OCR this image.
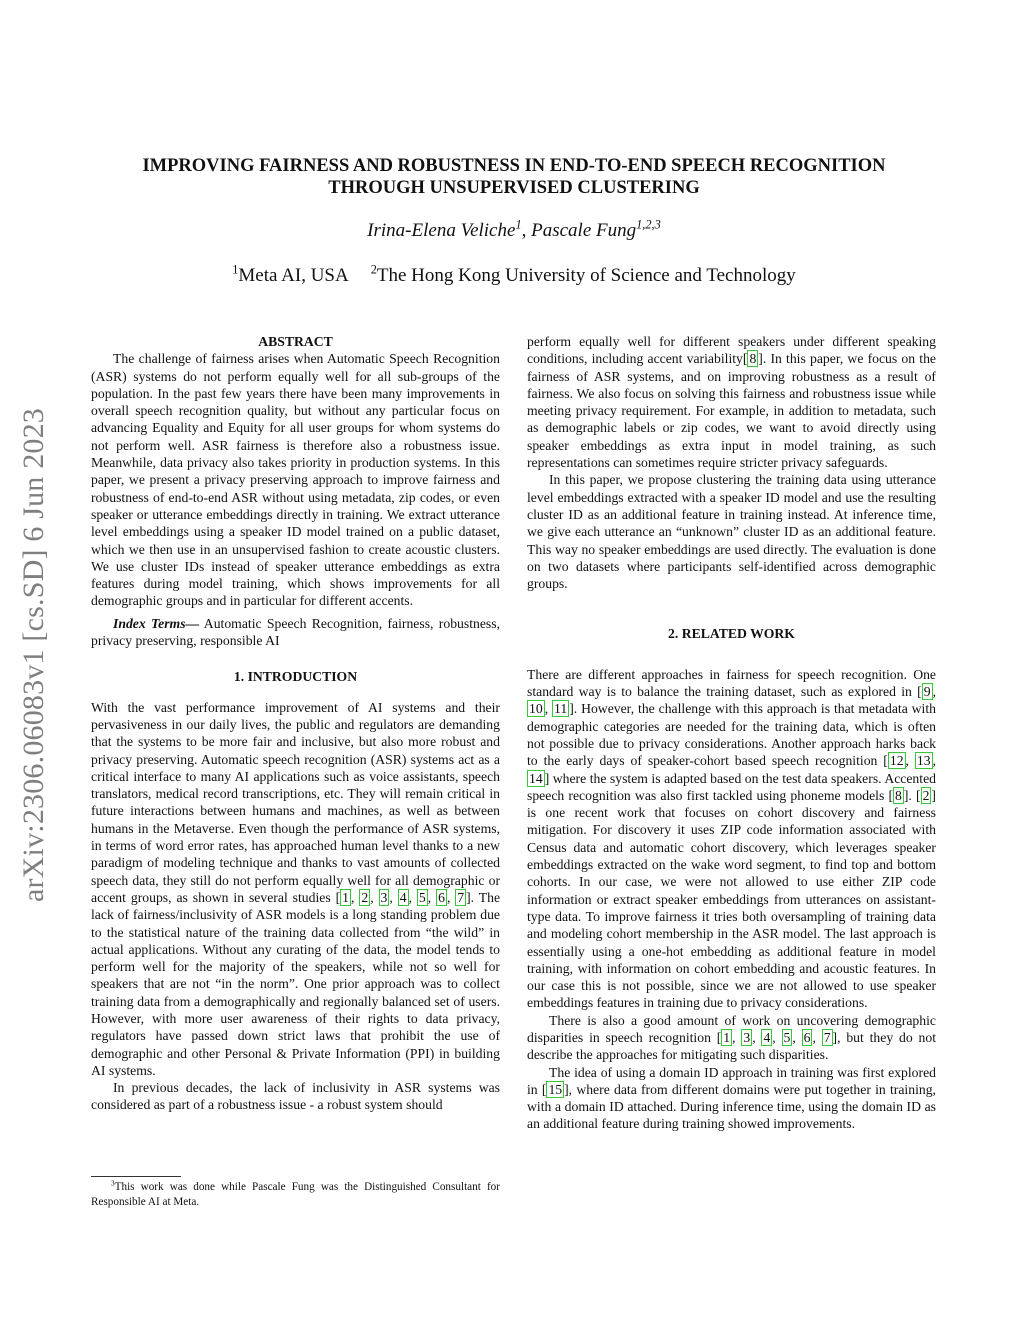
arXiv:2306.06083v1 [cs.SD] 6 Jun 2023
IMPROVING FAIRNESS AND ROBUSTNESS IN END-TO-END SPEECH RECOGNITION
THROUGH UNSUPERVISED CLUSTERING
Irina-Elena Veliche$^1$, Pascale Fung$^{1,2,3}$
$^1$Meta AI, USA $^2$The Hong Kong University of Science and Technology
ABSTRACT

The challenge of fairness arises when Automatic Speech Recognition (ASR) systems do not perform equally well for all sub-groups of the population. In the past few years there have been many improvements in overall speech recognition quality, but without any particular focus on advancing Equality and Equity for all user groups for whom systems do not perform well. ASR fairness is therefore also a robustness issue. Meanwhile, data privacy also takes priority in production systems. In this paper, we present a privacy preserving approach to improve fairness and robustness of end-to-end ASR without using metadata, zip codes, or even speaker or utterance embeddings directly in training. We extract utterance level embeddings using a speaker ID model trained on a public dataset, which we then use in an unsupervised fashion to create acoustic clusters. We use cluster IDs instead of speaker utterance embeddings as extra features during model training, which shows improvements for all demographic groups and in particular for different accents.

Index Terms— Automatic Speech Recognition, fairness, robustness, privacy preserving, responsible AI

1. INTRODUCTION

With the vast performance improvement of AI systems and their pervasiveness in our daily lives, the public and regulators are demanding that the systems to be more fair and inclusive, but also more robust and privacy preserving. Automatic speech recognition (ASR) systems act as a critical interface to many AI applications such as voice assistants, speech translators, medical record transcriptions, etc. They will remain critical in future interactions between humans and machines, as well as between humans in the Metaverse. Even though the performance of ASR systems, in terms of word error rates, has approached human level thanks to a new paradigm of modeling technique and thanks to vast amounts of collected speech data, they still do not perform equally well for all demographic or accent groups, as shown in several studies [ 1 , 2 , 3 , 4 , 5 , 6 , 7 ]. The lack of fairness/inclusivity of ASR models is a long standing problem due to the statistical nature of the training data collected from “the wild” in actual applications. Without any curating of the data, the model tends to perform well for the majority of the speakers, while not so well for speakers that are not “in the norm”. One prior approach was to collect training data from a demographically and regionally balanced set of users. However, with more user awareness of their rights to data privacy, regulators have passed down strict laws that prohibit the use of demographic and other Personal & Private Information (PPI) in building AI systems.

In previous decades, the lack of inclusivity in ASR systems was considered as part of a robustness issue - a robust system should

$^3$This work was done while Pascale Fung was the Distinguished Consultant for Responsible AI at Meta.

perform equally well for different speakers under different speaking conditions, including accent variability[ 8 ]. In this paper, we focus on the fairness of ASR systems, and on improving robustness as a result of fairness. We also focus on solving this fairness and robustness issue while meeting privacy requirement. For example, in addition to metadata, such as demographic labels or zip codes, we want to avoid directly using speaker embeddings as extra input in model training, as such representations can sometimes require stricter privacy safeguards.

In this paper, we propose clustering the training data using utterance level embeddings extracted with a speaker ID model and use the resulting cluster ID as an additional feature in training instead. At inference time, we give each utterance an “unknown” cluster ID as an additional feature. This way no speaker embeddings are used directly. The evaluation is done on two datasets where participants self-identified across demographic groups.

2. RELATED WORK

There are different approaches in fairness for speech recognition. One standard way is to balance the training dataset, such as explored in [ 9 , 10 , 11 ]. However, the challenge with this approach is that metadata with demographic categories are needed for the training data, which is often not possible due to privacy considerations. Another approach harks back to the early days of speaker-cohort based speech recognition [ 12 , 13 , 14 ] where the system is adapted based on the test data speakers. Accented speech recognition was also first tackled using phoneme models [ 8 ]. [ 2 ] is one recent work that focuses on cohort discovery and fairness mitigation. For discovery it uses ZIP code information associated with Census data and automatic cohort discovery, which leverages speaker embeddings extracted on the wake word segment, to find top and bottom cohorts. In our case, we were not allowed to use either ZIP code information or extract speaker embeddings from utterances on assistant-type data. To improve fairness it tries both oversampling of training data and modeling cohort membership in the ASR model. The last approach is essentially using a one-hot embedding as additional feature in model training, with information on cohort embedding and acoustic features. In our case this is not possible, since we are not allowed to use speaker embeddings features in training due to privacy considerations.

There is also a good amount of work on uncovering demographic disparities in speech recognition [ 1 , 3 , 4 , 5 , 6 , 7 ], but they do not describe the approaches for mitigating such disparities.

The idea of using a domain ID approach in training was first explored in [ 15 ], where data from different domains were put together in training, with a domain ID attached. During inference time, using the domain ID as an additional feature during training showed improvements.
